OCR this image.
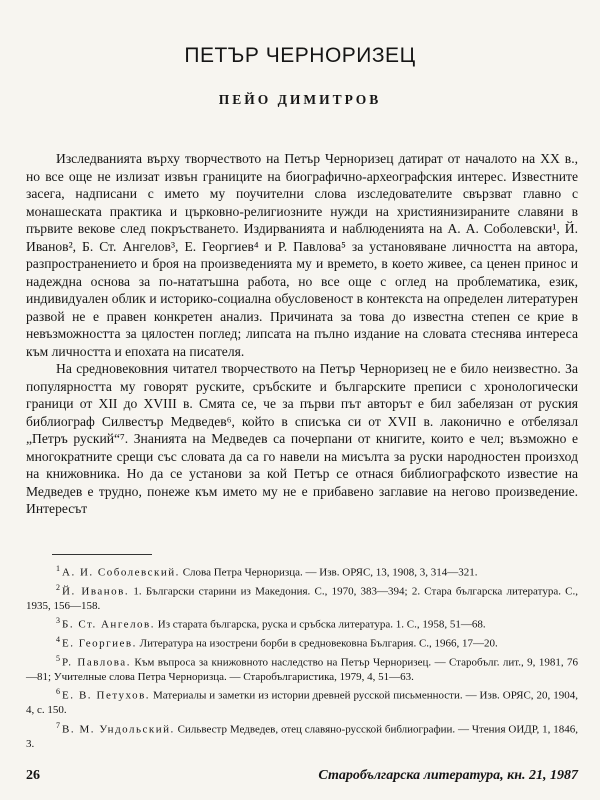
ПЕТЪР ЧЕРНОРИЗЕЦ
ПЕЙО ДИМИТРОВ

Изследванията върху творчеството на Петър Черноризец датират от началото на XX в., но все още не излизат извън границите на биографично-археографския интерес. Известните засега, надписани с името му поучителни слова изследователите свързват главно с монашеската практика и църковно-религиозните нужди на християнизираните славяни в първите векове след покръстването. Издирванията и наблюденията на А. А. Соболевски¹, Й. Иванов², Б. Ст. Ангелов³, Е. Георгиев⁴ и Р. Павлова⁵ за установяване личността на автора, разпространението и броя на произведенията му и времето, в което живее, са ценен принос и надеждна основа за по-нататъшна работа, но все още с оглед на проблематика, език, индивидуален облик и историко-социална обусловеност в контекста на определен литературен развой не е правен конкретен анализ. Причината за това до известна степен се крие в невъзможността за цялостен поглед; липсата на пълно издание на словата стеснява интереса към личността и епохата на писателя.

На средновековния читател творчеството на Петър Черноризец не е било неизвестно. За популярността му говорят руските, сръбските и българските преписи с хронологически граници от XII до XVIII в. Смята се, че за първи път авторът е бил забелязан от руския библиограф Силвестър Медведев⁶, който в списъка си от XVII в. лаконично е отбелязал „Петръ руский“⁷. Знанията на Медведев са почерпани от книгите, които е чел; възможно е многократните срещи със словата да са го навели на мисълта за руски народностен произход на книжовника. Но да се установи за кой Петър се отнася библиографското известие на Медведев е трудно, понеже към името му не е прибавено заглавие на негово произведение. Интересът

$^1$ А. И. Соболевский. Слова Петра Черноризца. — Изв. ОРЯС, 13, 1908, 3, 314—321.

$^2$ Й. Иванов. 1. Български старини из Македония. С., 1970, 383—394; 2. Стара българска литература. С., 1935, 156—158.

$^3$ Б. Ст. Ангелов. Из старата българска, руска и сръбска литература. 1. С., 1958, 51—68.

$^4$ Е. Георгиев. Литература на изострени борби в средновековна България. С., 1966, 17—20.

$^5$ Р. Павлова. Към въпроса за книжовното наследство на Петър Черноризец. — Старобълг. лит., 9, 1981, 76—81; Учителные слова Петра Черноризца. — Старобългаристика, 1979, 4, 51—63.

$^6$ Е. В. Петухов. Материалы и заметки из истории древней русской письменности. — Изв. ОРЯС, 20, 1904, 4, с. 150.

$^7$ В. М. Ундольский. Сильвестр Медведев, отец славяно-русской библиографии. — Чтения ОИДР, 1, 1846, 3.

26	Старобългарска литература, кн. 21, 1987
